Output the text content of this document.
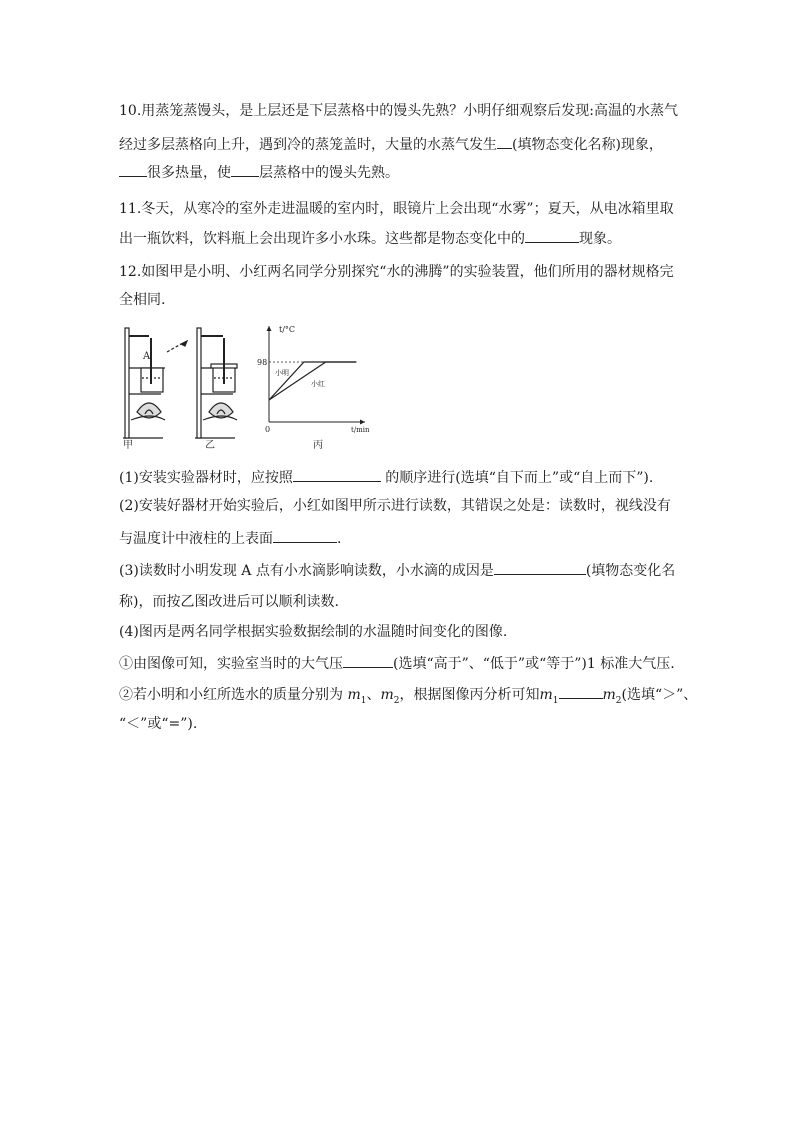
10.用蒸笼蒸馒头，是上层还是下层蒸格中的馒头先熟？小明仔细观察后发现:高温的水蒸气
经过多层蒸格向上升，遇到冷的蒸笼盖时，大量的水蒸气发生 (填物态变化名称)现象，
很多热量，使 层蒸格中的馒头先熟。
11.冬天，从寒冷的室外走进温暖的室内时，眼镜片上会出现“水雾”；夏天，从电冰箱里取
出一瓶饮料，饮料瓶上会出现许多小水珠。这些都是物态变化中的	现象。
12.如图甲是小明、小红两名同学分别探究“水的沸腾”的实验装置，他们所用的器材规格完
全相同.
A
t/°C
98
0	t/min
小明
小红
甲	乙	丙
(1)安装实验器材时，应按照	的顺序进行(选填“自下而上”或“自上而下”).
(2)安装好器材开始实验后，小红如图甲所示进行读数，其错误之处是：读数时，视线没有
与温度计中液柱的上表面	.
(3)读数时小明发现 A 点有小水滴影响读数，小水滴的成因是	(填物态变化名
称)，而按乙图改进后可以顺利读数.
(4)图丙是两名同学根据实验数据绘制的水温随时间变化的图像.
①由图像可知，实验室当时的大气压	(选填“高于”、“低于”或“等于”)1 标准大气压.
②若小明和小红所选水的质量分别为 $m_1$、$m_2$，根据图像丙分析可知$m_1$	$m_2$(选填“＞”、
“＜”或“=”).
